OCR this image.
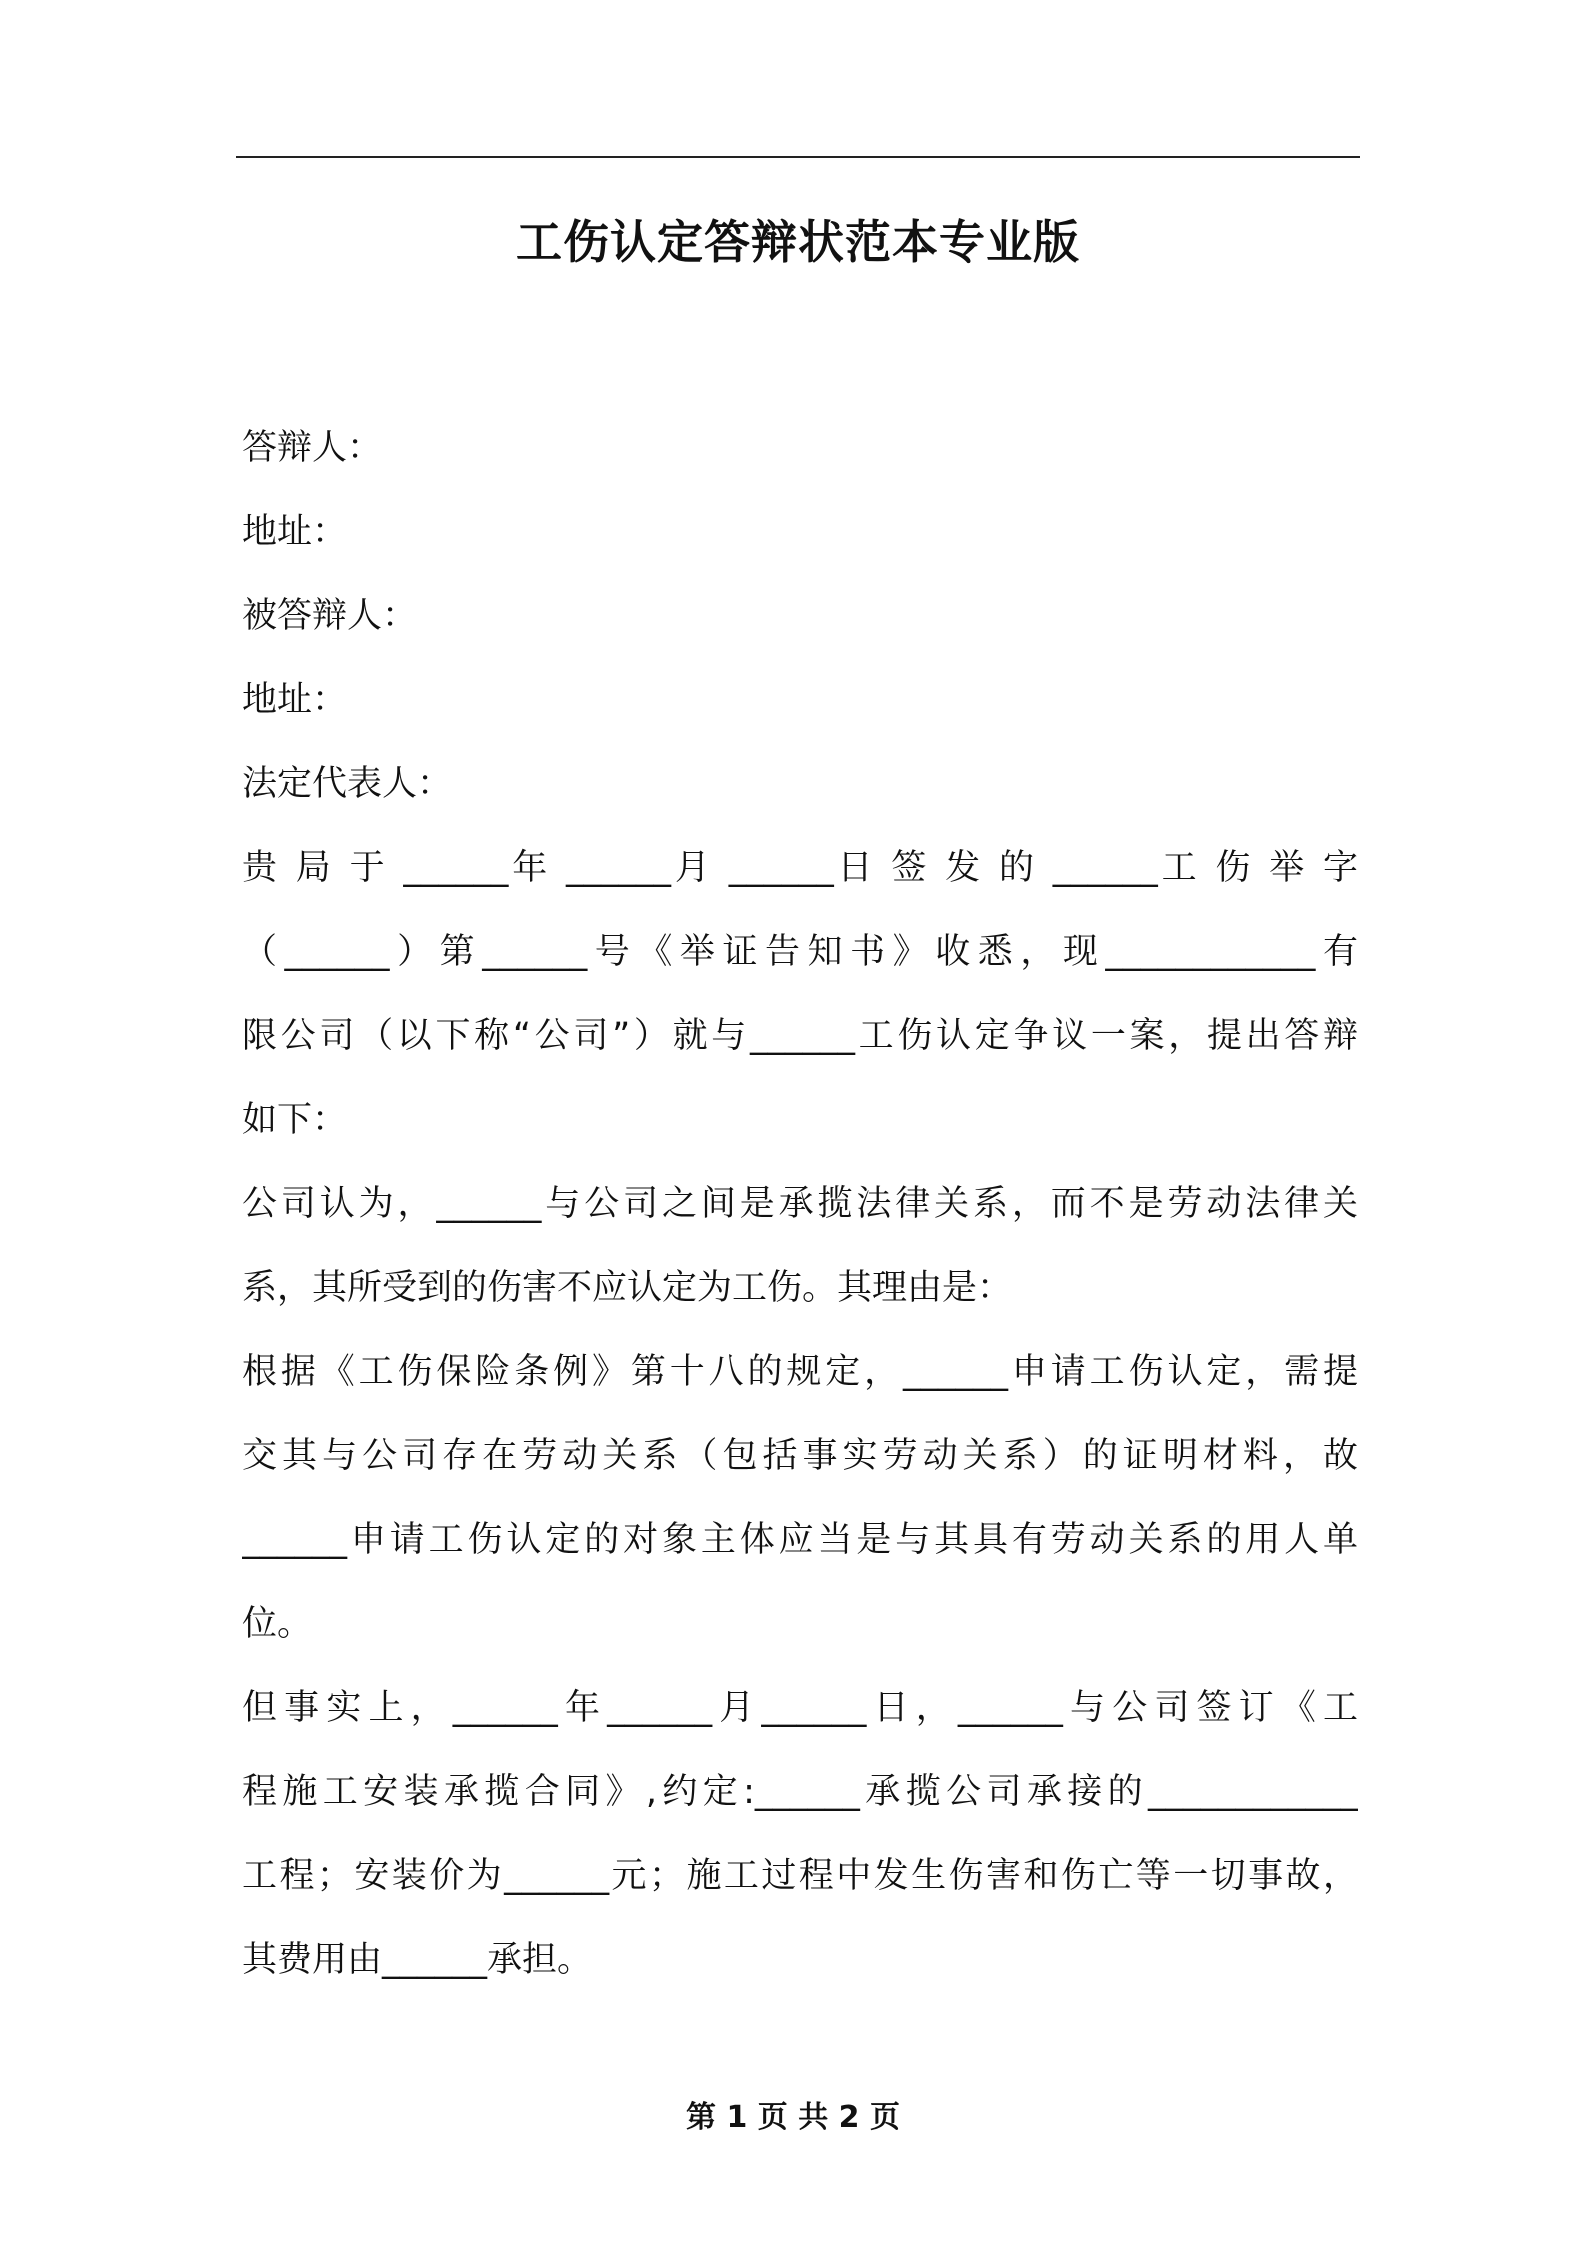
工伤认定答辩状范本专业版

答辩人：

地址：

被答辩人：

地址：

法定代表人：

贵 局 于 ______年 ______月 ______日 签 发 的 ______工 伤 举 字

（______）第______号《举证告知书》收悉，现____________有

限公司（以下称“公司”）就与______工伤认定争议一案，提出答辩

如下：

公司认为，______与公司之间是承揽法律关系，而不是劳动法律关

系，其所受到的伤害不应认定为工伤。其理由是：

根据《工伤保险条例》第十八的规定，______申请工伤认定，需提

交其与公司存在劳动关系（包括事实劳动关系）的证明材料，故

______申请工伤认定的对象主体应当是与其具有劳动关系的用人单

位。

但事实上，______年______月______日，______与公司签订《工

程施工安装承揽合同》,约定:______承揽公司承接的____________

工程；安装价为______元；施工过程中发生伤害和伤亡等一切事故，

其费用由______承担。

第 1 页 共 2 页
